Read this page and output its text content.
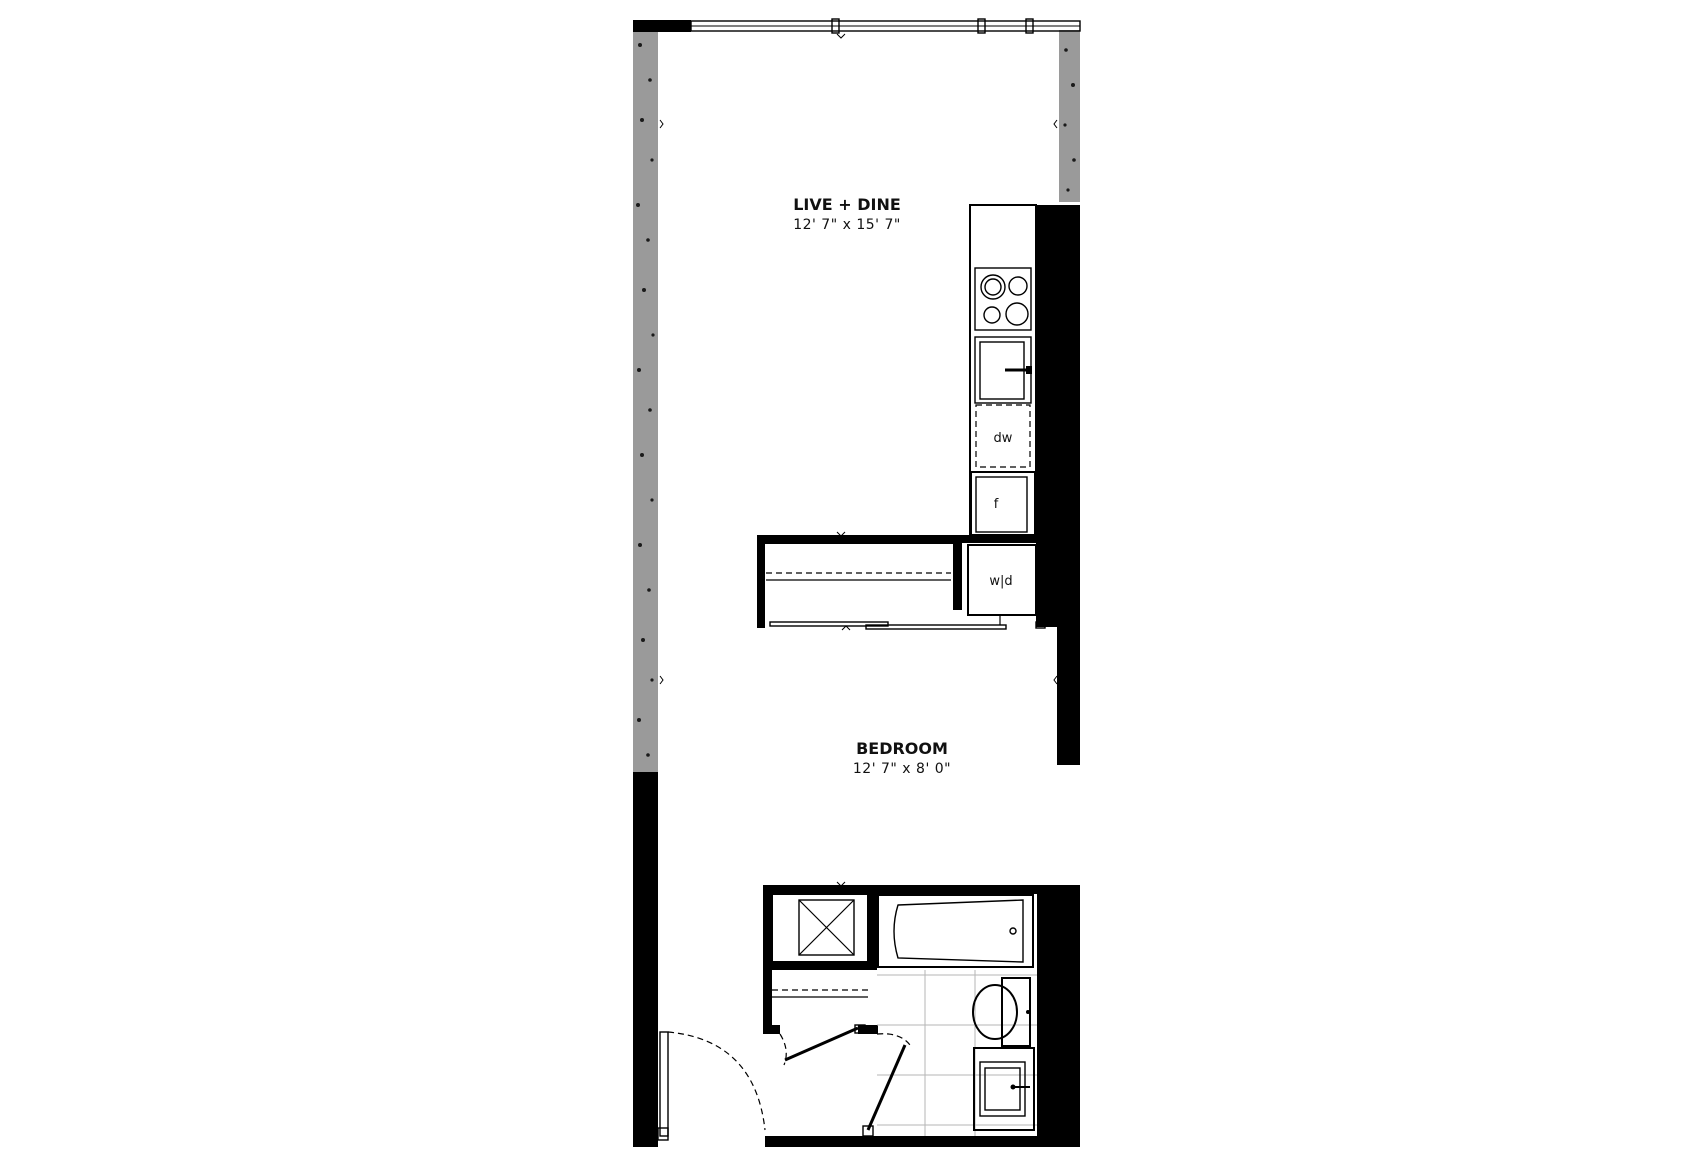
dw
f
w|d
LIVE + DINE
12' 7" x 15' 7"
BEDROOM
12' 7" x 8' 0"
